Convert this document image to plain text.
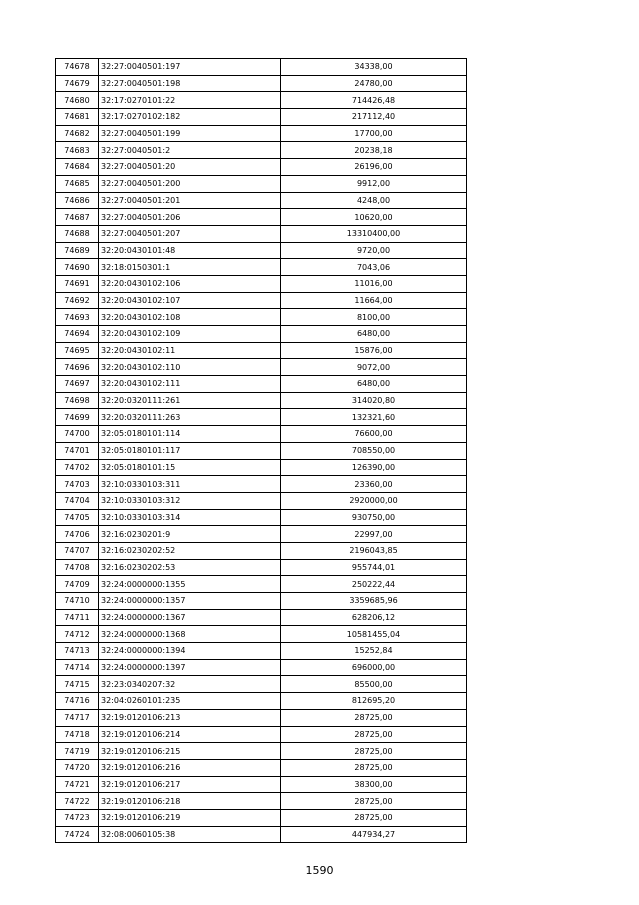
74678	32:27:0040501:197	34338,00
74679	32:27:0040501:198	24780,00
74680	32:17:0270101:22	714426,48
74681	32:17:0270102:182	217112,40
74682	32:27:0040501:199	17700,00
74683	32:27:0040501:2	20238,18
74684	32:27:0040501:20	26196,00
74685	32:27:0040501:200	9912,00
74686	32:27:0040501:201	4248,00
74687	32:27:0040501:206	10620,00
74688	32:27:0040501:207	13310400,00
74689	32:20:0430101:48	9720,00
74690	32:18:0150301:1	7043,06
74691	32:20:0430102:106	11016,00
74692	32:20:0430102:107	11664,00
74693	32:20:0430102:108	8100,00
74694	32:20:0430102:109	6480,00
74695	32:20:0430102:11	15876,00
74696	32:20:0430102:110	9072,00
74697	32:20:0430102:111	6480,00
74698	32:20:0320111:261	314020,80
74699	32:20:0320111:263	132321,60
74700	32:05:0180101:114	76600,00
74701	32:05:0180101:117	708550,00
74702	32:05:0180101:15	126390,00
74703	32:10:0330103:311	23360,00
74704	32:10:0330103:312	2920000,00
74705	32:10:0330103:314	930750,00
74706	32:16:0230201:9	22997,00
74707	32:16:0230202:52	2196043,85
74708	32:16:0230202:53	955744,01
74709	32:24:0000000:1355	250222,44
74710	32:24:0000000:1357	3359685,96
74711	32:24:0000000:1367	628206,12
74712	32:24:0000000:1368	10581455,04
74713	32:24:0000000:1394	15252,84
74714	32:24:0000000:1397	696000,00
74715	32:23:0340207:32	85500,00
74716	32:04:0260101:235	812695,20
74717	32:19:0120106:213	28725,00
74718	32:19:0120106:214	28725,00
74719	32:19:0120106:215	28725,00
74720	32:19:0120106:216	28725,00
74721	32:19:0120106:217	38300,00
74722	32:19:0120106:218	28725,00
74723	32:19:0120106:219	28725,00
74724	32:08:0060105:38	447934,27
1590
